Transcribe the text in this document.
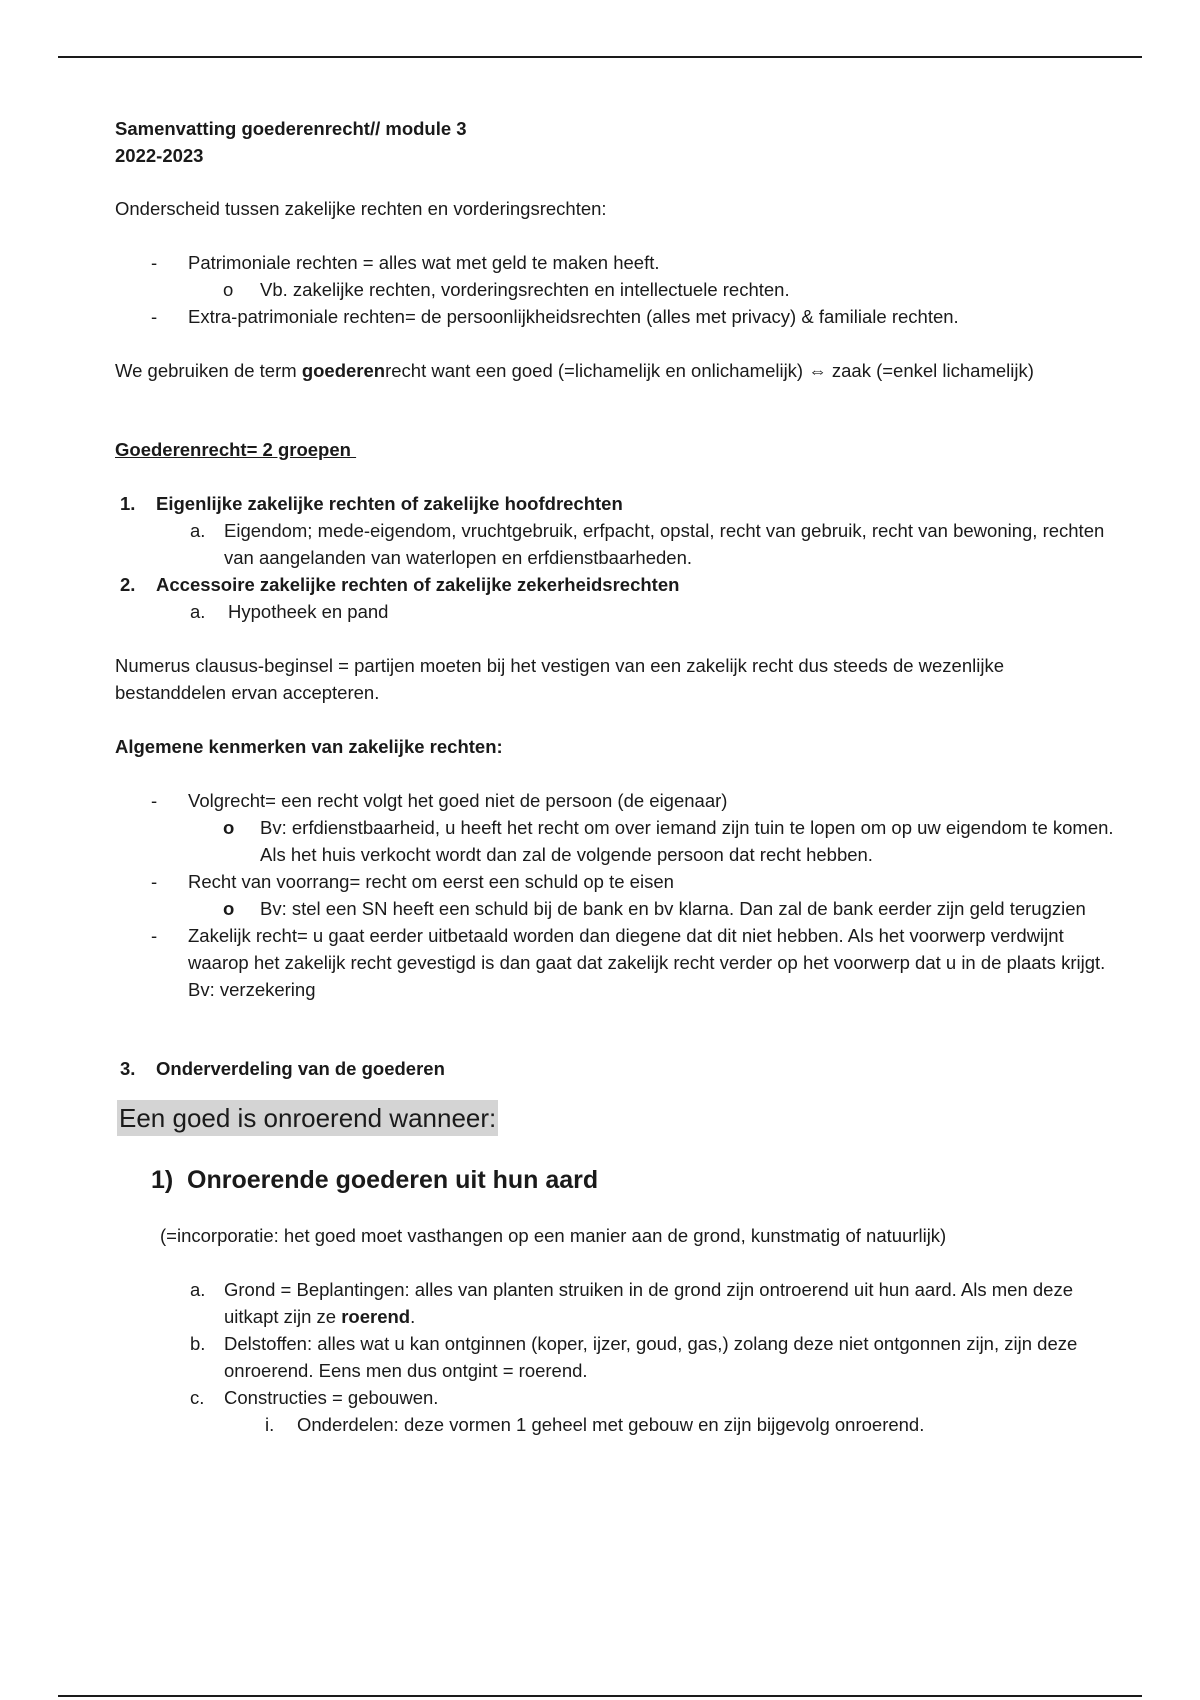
Samenvatting goederenrecht// module 3

2022-2023

Onderscheid tussen zakelijke rechten en vorderingsrechten:

-	Patrimoniale rechten = alles wat met geld te maken heeft.
o	Vb. zakelijke rechten, vorderingsrechten en intellectuele rechten.
-	Extra-patrimoniale rechten= de persoonlijkheidsrechten (alles met privacy) & familiale rechten.

We gebruiken de term goederenrecht want een goed (=lichamelijk en onlichamelijk) ⇔ zaak (=enkel lichamelijk)

Goederenrecht= 2 groepen

1.	Eigenlijke zakelijke rechten of zakelijke hoofdrechten
a.	Eigendom; mede-eigendom, vruchtgebruik, erfpacht, opstal, recht van gebruik, recht van bewoning, rechten van aangelanden van waterlopen en erfdienstbaarheden.
2.	Accessoire zakelijke rechten of zakelijke zekerheidsrechten
a.	Hypotheek en pand

Numerus clausus-beginsel = partijen moeten bij het vestigen van een zakelijk recht dus steeds de wezenlijke bestanddelen ervan accepteren.

Algemene kenmerken van zakelijke rechten:

-	Volgrecht= een recht volgt het goed niet de persoon (de eigenaar)
o	Bv: erfdienstbaarheid, u heeft het recht om over iemand zijn tuin te lopen om op uw eigendom te komen. Als het huis verkocht wordt dan zal de volgende persoon dat recht hebben.
-	Recht van voorrang= recht om eerst een schuld op te eisen
o	Bv: stel een SN heeft een schuld bij de bank en bv klarna. Dan zal de bank eerder zijn geld terugzien
-	Zakelijk recht= u gaat eerder uitbetaald worden dan diegene dat dit niet hebben. Als het voorwerp verdwijnt waarop het zakelijk recht gevestigd is dan gaat dat zakelijk recht verder op het voorwerp dat u in de plaats krijgt. Bv: verzekering
3.	Onderverdeling van de goederen
Een goed is onroerend wanneer:
1) Onroerende goederen uit hun aard

(=incorporatie: het goed moet vasthangen op een manier aan de grond, kunstmatig of natuurlijk)

a.	Grond = Beplantingen: alles van planten struiken in de grond zijn ontroerend uit hun aard. Als men deze uitkapt zijn ze roerend.
b.	Delstoffen: alles wat u kan ontginnen (koper, ijzer, goud, gas,) zolang deze niet ontgonnen zijn, zijn deze onroerend. Eens men dus ontgint = roerend.
c.	Constructies = gebouwen.
i.	Onderdelen: deze vormen 1 geheel met gebouw en zijn bijgevolg onroerend.
